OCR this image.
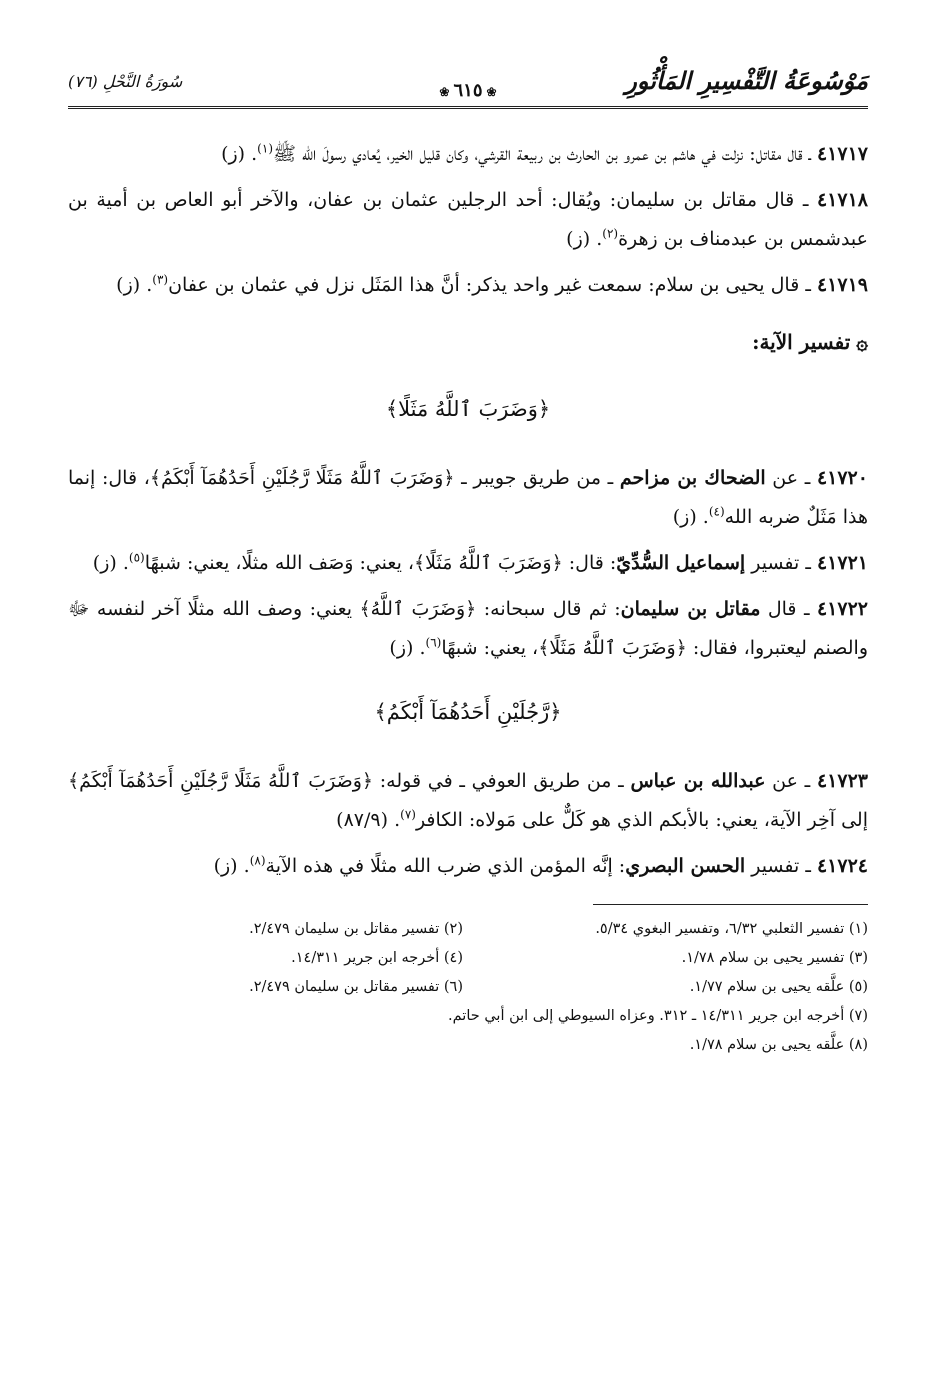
مَوْسُوعَةُ التَّفْسِيرِ المَأْثُورِ
❀٦١٥❀
سُورَةُ النَّحْلِ (٧٦)

٤١٧١٧ ـ قال مقاتل: نزلت في هاشم بن عمرو بن الحارث بن ربيعة القرشي، وكان قليل الخير، يُعادي رسولَ الله ﷺ$^{(١)}$. (ز)

٤١٧١٨ ـ قال مقاتل بن سليمان: ويُقال: أحد الرجلين عثمان بن عفان، والآخر أبو العاص بن أمية بن عبدشمس بن عبدمناف بن زهرة$^{(٢)}$. (ز)

٤١٧١٩ ـ قال يحيى بن سلام: سمعت غير واحد يذكر: أنَّ هذا المَثَل نزل في عثمان بن عفان$^{(٣)}$. (ز)

۞تفسير الآية:
﴿وَضَرَبَ ٱللَّهُ مَثَلًا﴾

٤١٧٢٠ ـ عن الضحاك بن مزاحم ـ من طريق جويبر ـ ﴿وَضَرَبَ ٱللَّهُ مَثَلًا رَّجُلَيْنِ أَحَدُهُمَآ أَبْكَمُ﴾، قال: إنما هذا مَثَلٌ ضربه الله$^{(٤)}$. (ز)

٤١٧٢١ ـ تفسير إسماعيل السُّدِّيّ: قال: ﴿وَضَرَبَ ٱللَّهُ مَثَلًا﴾، يعني: وَصَف الله مثلًا، يعني: شبهًا$^{(٥)}$. (ز)

٤١٧٢٢ ـ قال مقاتل بن سليمان: ثم قال سبحانه: ﴿وَضَرَبَ ٱللَّهُ﴾ يعني: وصف الله مثلًا آخر لنفسه ﷻ والصنم ليعتبروا، فقال: ﴿وَضَرَبَ ٱللَّهُ مَثَلًا﴾، يعني: شبهًا$^{(٦)}$. (ز)

﴿رَّجُلَيْنِ أَحَدُهُمَآ أَبْكَمُ﴾

٤١٧٢٣ ـ عن عبدالله بن عباس ـ من طريق العوفي ـ في قوله: ﴿وَضَرَبَ ٱللَّهُ مَثَلًا رَّجُلَيْنِ أَحَدُهُمَآ أَبْكَمُ﴾ إلى آخِر الآية، يعني: بالأبكم الذي هو كَلٌّ على مَولاه: الكافر$^{(٧)}$. (٨٧/٩)

٤١٧٢٤ ـ تفسير الحسن البصري: إنَّه المؤمن الذي ضرب الله مثلًا في هذه الآية$^{(٨)}$. (ز)

(١) تفسير الثعلبي ٦/٣٢، وتفسير البغوي ٥/٣٤.
(٢) تفسير مقاتل بن سليمان ٢/٤٧٩.
(٣) تفسير يحيى بن سلام ١/٧٨.
(٤) أخرجه ابن جرير ١٤/٣١١.
(٥) علَّقه يحيى بن سلام ١/٧٧.
(٦) تفسير مقاتل بن سليمان ٢/٤٧٩.
(٧) أخرجه ابن جرير ١٤/٣١١ ـ ٣١٢. وعزاه السيوطي إلى ابن أبي حاتم.
(٨) علَّقه يحيى بن سلام ١/٧٨.
